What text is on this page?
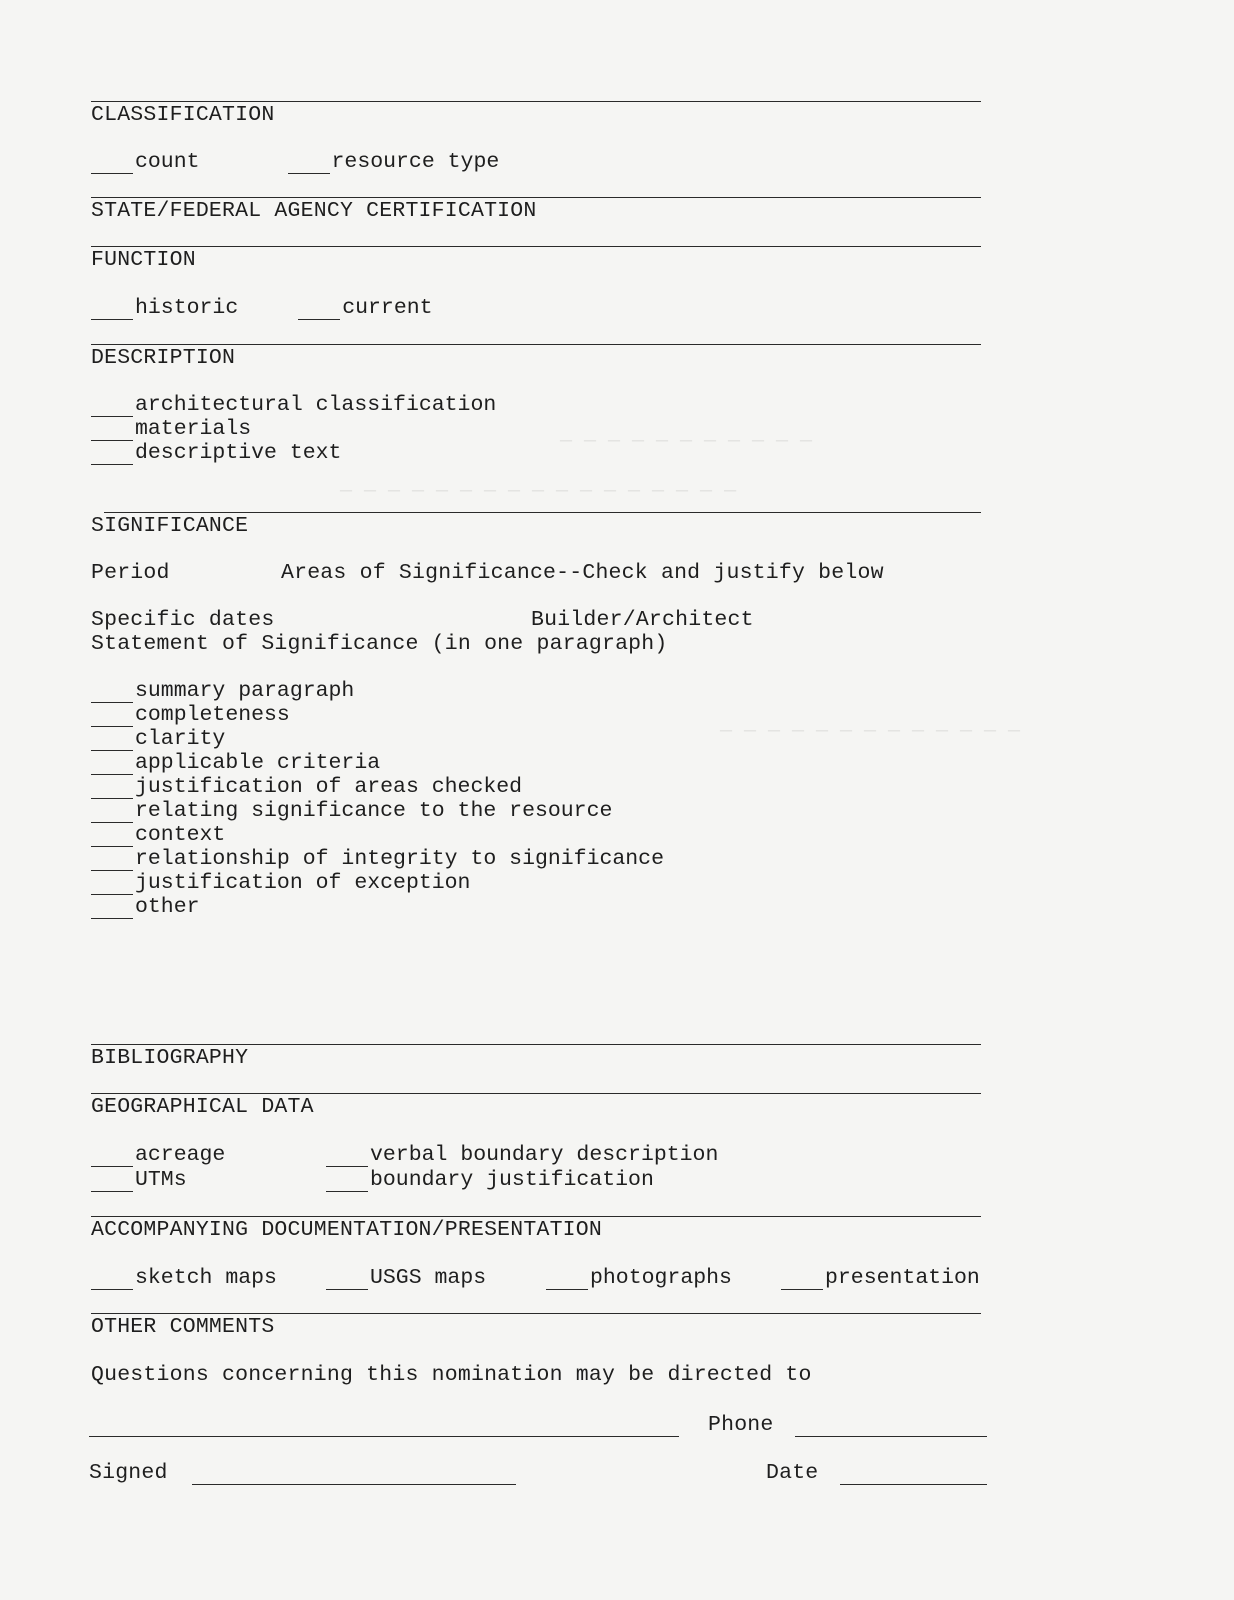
— — — — — — — — — — —
— — — — — — — — — — — — — — — — —
— — — — — — — — — — — — —
CLASSIFICATION
count	resource type
STATE/FEDERAL AGENCY CERTIFICATION
FUNCTION
historic	current
DESCRIPTION
architectural classification
materials
descriptive text
SIGNIFICANCE
Period	Areas of Significance--Check and justify below
Specific dates	Builder/Architect
Statement of Significance (in one paragraph)
summary paragraph
completeness
clarity
applicable criteria
justification of areas checked
relating significance to the resource
context
relationship of integrity to significance
justification of exception
other
BIBLIOGRAPHY
GEOGRAPHICAL DATA
acreage	verbal boundary description
UTMs	boundary justification
ACCOMPANYING DOCUMENTATION/PRESENTATION
sketch maps	USGS maps	photographs	presentation
OTHER COMMENTS
Questions concerning this nomination may be directed to
Phone
Signed	Date
